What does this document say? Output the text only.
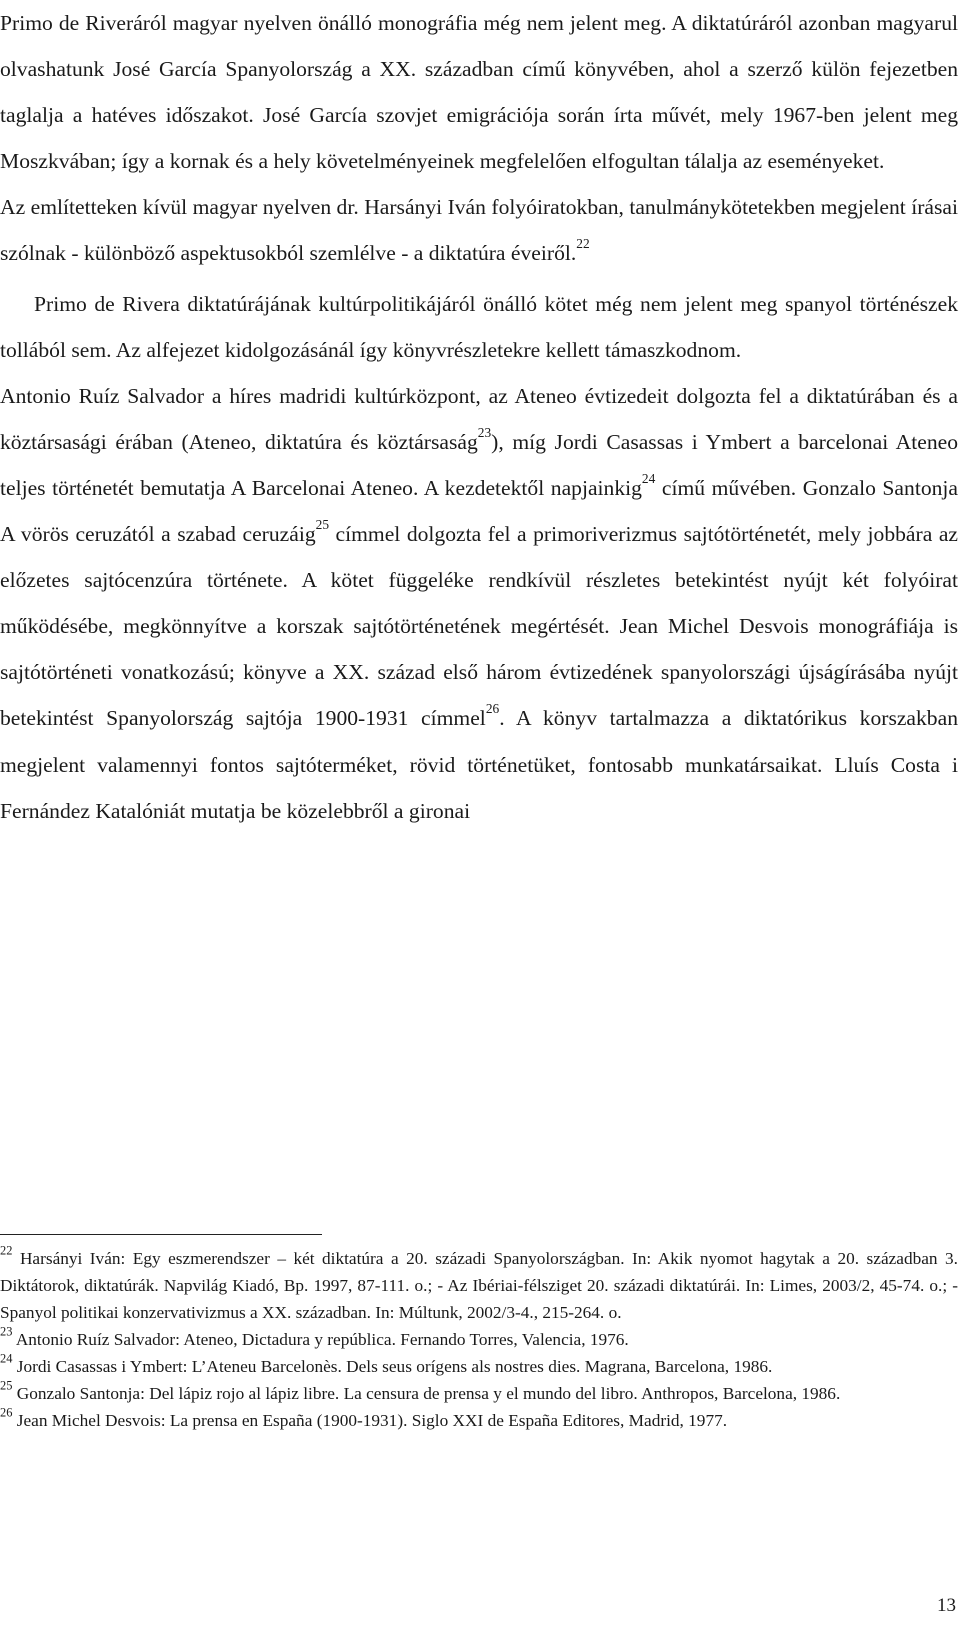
Primo de Riveráról magyar nyelven önálló monográfia még nem jelent meg. A diktatúráról azonban magyarul olvashatunk José García Spanyolország a XX. században című könyvében, ahol a szerző külön fejezetben taglalja a hatéves időszakot. José García szovjet emigrációja során írta művét, mely 1967-ben jelent meg Moszkvában; így a kornak és a hely követelményeinek megfelelően elfogultan tálalja az eseményeket.

Az említetteken kívül magyar nyelven dr. Harsányi Iván folyóiratokban, tanulmánykötetekben megjelent írásai szólnak - különböző aspektusokból szemlélve - a diktatúra éveiről.$^{22}$

Primo de Rivera diktatúrájának kultúrpolitikájáról önálló kötet még nem jelent meg spanyol történészek tollából sem. Az alfejezet kidolgozásánál így könyvrészletekre kellett támaszkodnom.

Antonio Ruíz Salvador a híres madridi kultúrközpont, az Ateneo évtizedeit dolgozta fel a diktatúrában és a köztársasági érában (Ateneo, diktatúra és köztársaság$^{23}$), míg Jordi Casassas i Ymbert a barcelonai Ateneo teljes történetét bemutatja A Barcelonai Ateneo. A kezdetektől napjainkig$^{24}$ című művében. Gonzalo Santonja A vörös ceruzától a szabad ceruzáig$^{25}$ címmel dolgozta fel a primoriverizmus sajtótörténetét, mely jobbára az előzetes sajtócenzúra története. A kötet függeléke rendkívül részletes betekintést nyújt két folyóirat működésébe, megkönnyítve a korszak sajtótörténetének megértését. Jean Michel Desvois monográfiája is sajtótörténeti vonatkozású; könyve a XX. század első három évtizedének spanyolországi újságírásába nyújt betekintést Spanyolország sajtója 1900-1931 címmel$^{26}$. A könyv tartalmazza a diktatórikus korszakban megjelent valamennyi fontos sajtóterméket, rövid történetüket, fontosabb munkatársaikat. Lluís Costa i Fernández Katalóniát mutatja be közelebbről a gironai

$^{22}$ Harsányi Iván: Egy eszmerendszer – két diktatúra a 20. századi Spanyolországban. In: Akik nyomot hagytak a 20. században 3. Diktátorok, diktatúrák. Napvilág Kiadó, Bp. 1997, 87-111. o.; - Az Ibériai-félsziget 20. századi diktatúrái. In: Limes, 2003/2, 45-74. o.; - Spanyol politikai konzervativizmus a XX. században. In: Múltunk, 2002/3-4., 215-264. o.

$^{23}$ Antonio Ruíz Salvador: Ateneo, Dictadura y república. Fernando Torres, Valencia, 1976.

$^{24}$ Jordi Casassas i Ymbert: L’Ateneu Barcelonès. Dels seus orígens als nostres dies. Magrana, Barcelona, 1986.

$^{25}$ Gonzalo Santonja: Del lápiz rojo al lápiz libre. La censura de prensa y el mundo del libro. Anthropos, Barcelona, 1986.

$^{26}$ Jean Michel Desvois: La prensa en España (1900-1931). Siglo XXI de España Editores, Madrid, 1977.

13
